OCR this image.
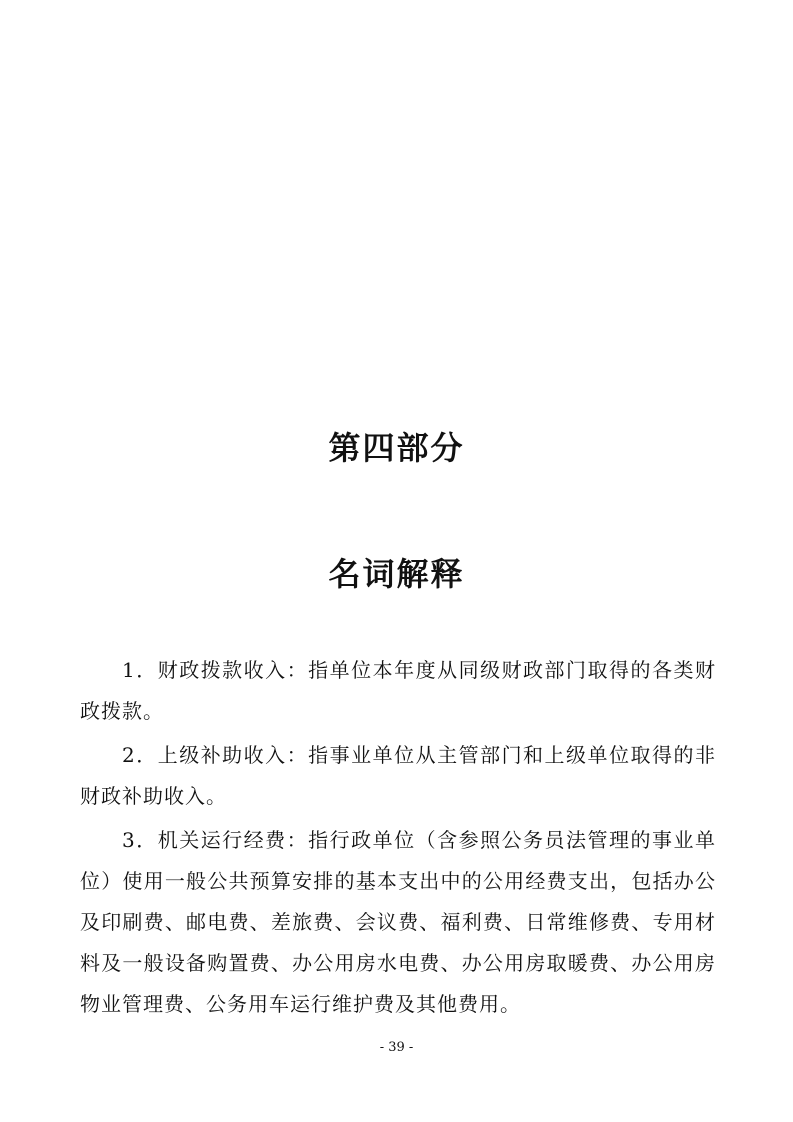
第四部分
名词解释

1．财政拨款收入：指单位本年度从同级财政部门取得的各类财政拨款。

2．上级补助收入：指事业单位从主管部门和上级单位取得的非财政补助收入。

3．机关运行经费：指行政单位（含参照公务员法管理的事业单位）使用一般公共预算安排的基本支出中的公用经费支出，包括办公及印刷费、邮电费、差旅费、会议费、福利费、日常维修费、专用材料及一般设备购置费、办公用房水电费、办公用房取暖费、办公用房物业管理费、公务用车运行维护费及其他费用。

- 39 -
